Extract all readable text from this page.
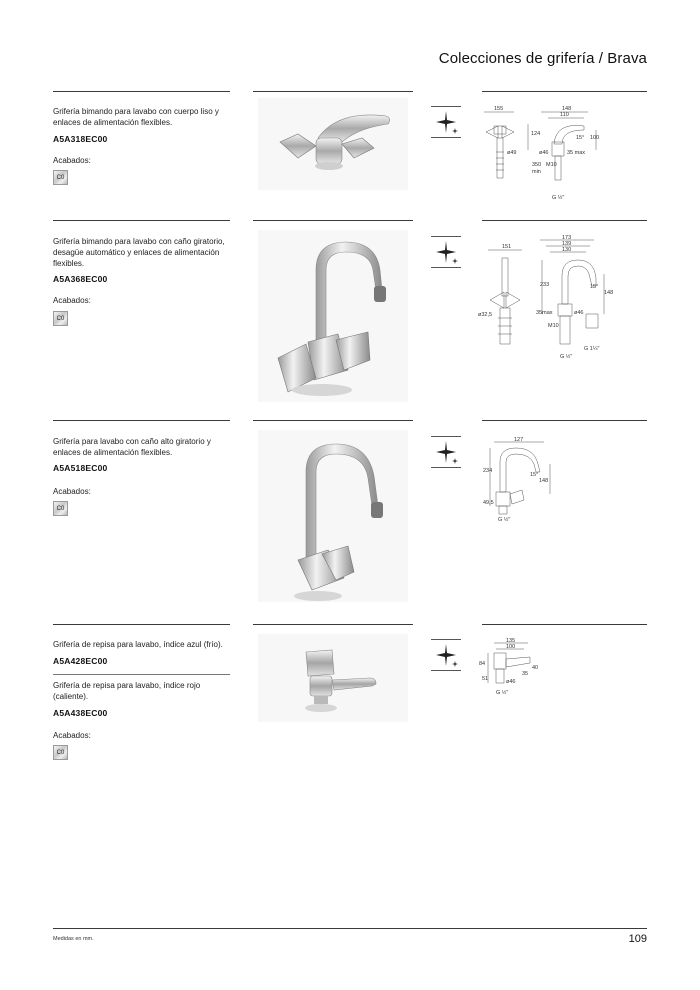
Colecciones de grifería / Brava
Grifería bimando para lavabo con cuerpo liso y enlaces de alimentación flexibles.
A5A318EC00
Acabados:
C0
155	148
110
124
15° 100
ø49	ø46	35 max
350
min
M10
G ½"
Grifería bimando para lavabo con caño giratorio, desagüe automático y enlaces de alimentación flexibles.
A5A368EC00
Acabados:
C0
151
173
139
130
233	15°
148
ø32,5	35max	ø46
M10
G 1¼"
G ½"
Grifería para lavabo con caño alto giratorio y enlaces de alimentación flexibles.
A5A518EC00
Acabados:
C0
127
234
15°
148
49,5
G ½"
Grifería de repisa para lavabo, índice azul (frío).
A5A428EC00
Grifería de repisa para lavabo, índice rojo (caliente).
A5A438EC00
Acabados:
C0
135
100
84
40
35
51	ø46
G ½"
Medidas en mm.	109
